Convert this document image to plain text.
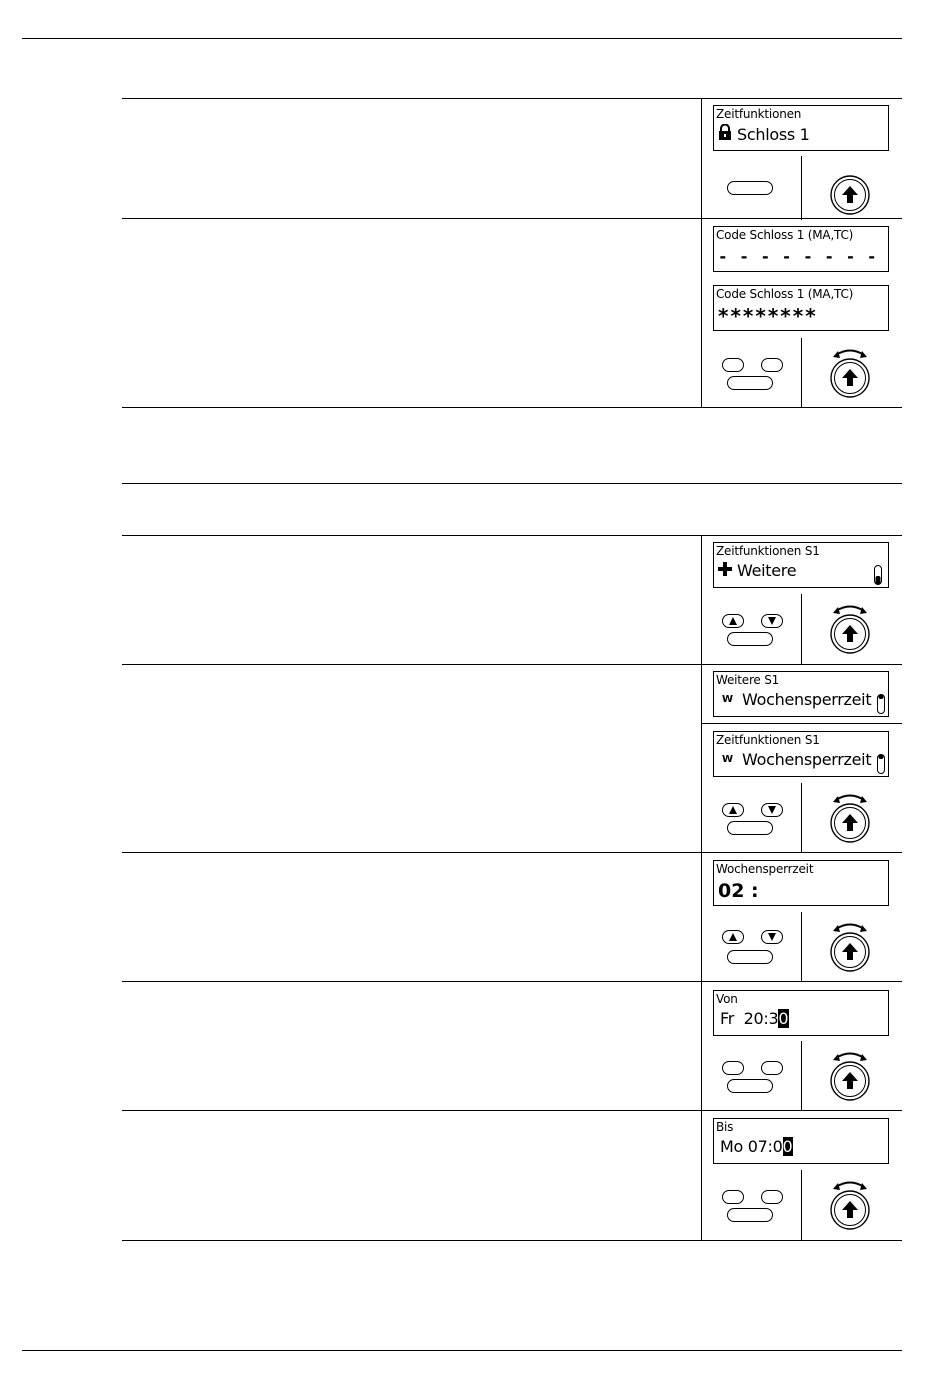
Zeitfunktionen
Schloss 1
Code Schloss 1 (MA,TC)
- - - - - - - -
Code Schloss 1 (MA,TC)
********
Zeitfunktionen S1
Weitere
Weitere S1
W Wochensperrzeit
Zeitfunktionen S1
W Wochensperrzeit
Wochensperrzeit
02 :
Von
Fr  20:3 0
Bis
Mo 07:0 0
